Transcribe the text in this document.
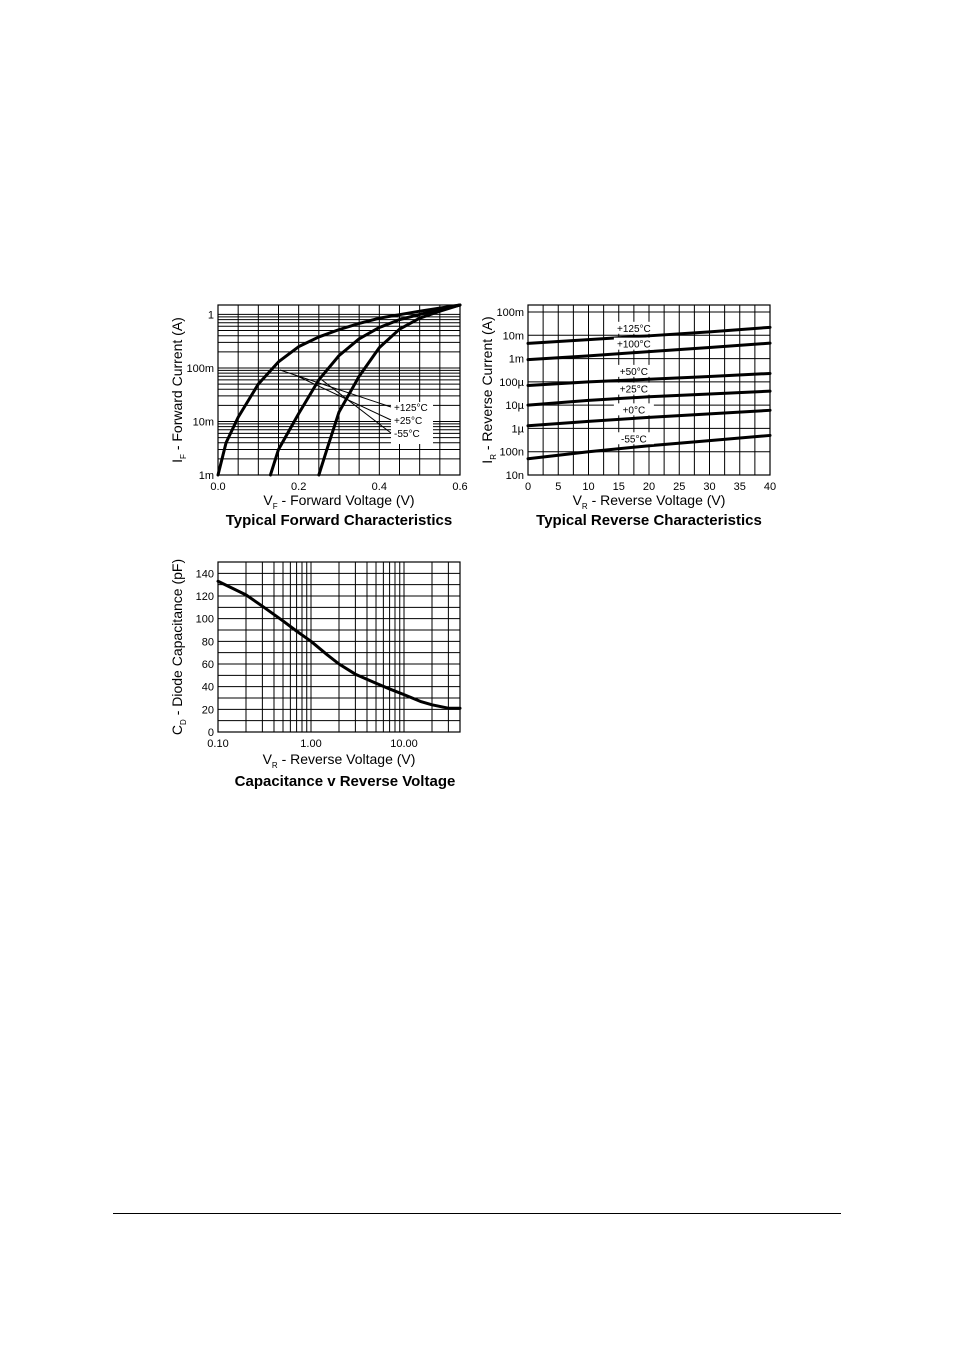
0.0	0.2	0.4	0.6
1m
10m
100m
1
+125°C
+25°C
-55°C
$V_F$ - Forward Voltage (V)
$I_F$ - Forward Current (A)
Typical Forward Characteristics
0 5 10 15 20 25 30 35 40
10n
100n
1µ
10µ
100µ
1m
10m
100m
+125°C
+100°C
+50°C
+25°C
+0°C
-55°C
$V_R$ - Reverse Voltage (V)
$I_R$ - Reverse Current (A)
Typical Reverse Characteristics
0.10	1.00	10.00
0
20
40
60
80
100
120
140
$V_R$ - Reverse Voltage (V)
$C_D$ - Diode Capacitance (pF)
Capacitance v Reverse Voltage
